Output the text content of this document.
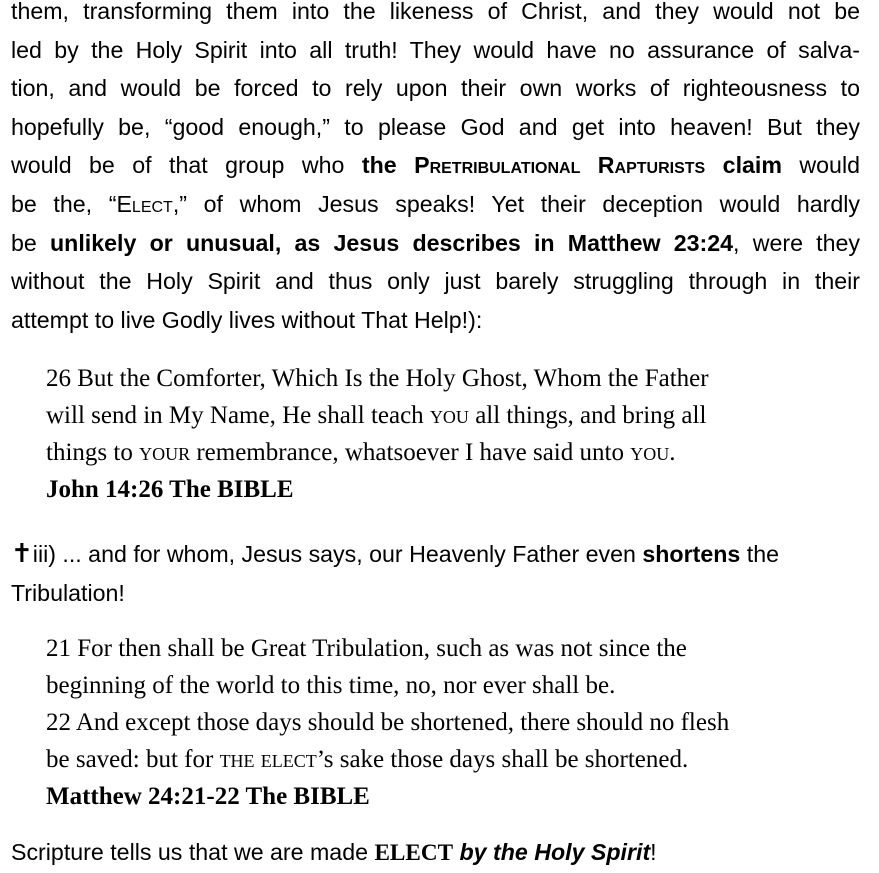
them, transforming them into the likeness of Christ, and they would not be
led by the Holy Spirit into all truth! They would have no assurance of salva-
tion, and would be forced to rely upon their own works of righteousness to
hopefully be, “good enough,” to please God and get into heaven! But they
would be of that group who the Pretribulational Rapturists claim would
be the, “Elect,” of whom Jesus speaks! Yet their deception would hardly
be unlikely or unusual, as Jesus describes in Matthew 23:24, were they
without the Holy Spirit and thus only just barely struggling through in their
attempt to live Godly lives without That Help!):
26 But the Comforter, Which Is the Holy Ghost, Whom the Father
will send in My Name, He shall teach you all things, and bring all
things to your remembrance, whatsoever I have said unto you.
John 14:26 The BIBLE
✝iii) ... and for whom, Jesus says, our Heavenly Father even shortens the
Tribulation!
21 For then shall be Great Tribulation, such as was not since the
beginning of the world to this time, no, nor ever shall be.
22 And except those days should be shortened, there should no flesh
be saved: but for the elect’s sake those days shall be shortened.
Matthew 24:21-22 The BIBLE
Scripture tells us that we are made ELECT by the Holy Spirit!
